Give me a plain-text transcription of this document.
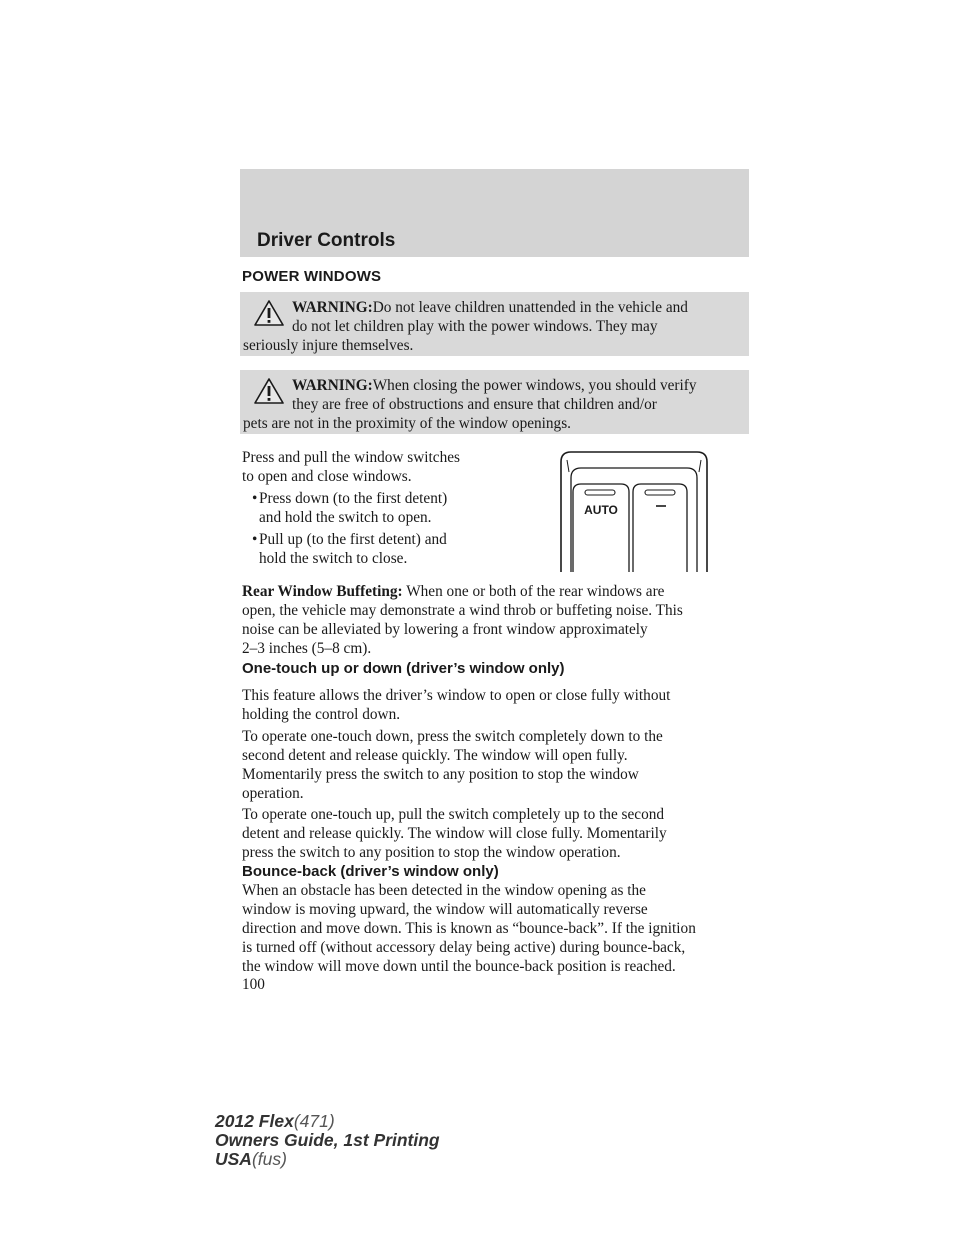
Driver Controls
POWER WINDOWS
WARNING:Do not leave children unattended in the vehicle and
do not let children play with the power windows. They may
seriously injure themselves.
WARNING:When closing the power windows, you should verify
they are free of obstructions and ensure that children and/or
pets are not in the proximity of the window openings.

Press and pull the window switches
to open and close windows.

• Press down (to the first detent)
and hold the switch to open.
• Pull up (to the first detent) and
hold the switch to close.
AUTO

Rear Window Buffeting: When one or both of the rear windows are
open, the vehicle may demonstrate a wind throb or buffeting noise. This
noise can be alleviated by lowering a front window approximately
2–3 inches (5–8 cm).

One-touch up or down (driver’s window only)

This feature allows the driver’s window to open or close fully without
holding the control down.

To operate one-touch down, press the switch completely down to the
second detent and release quickly. The window will open fully.
Momentarily press the switch to any position to stop the window
operation.

To operate one-touch up, pull the switch completely up to the second
detent and release quickly. The window will close fully. Momentarily
press the switch to any position to stop the window operation.

Bounce-back (driver’s window only)

When an obstacle has been detected in the window opening as the
window is moving upward, the window will automatically reverse
direction and move down. This is known as “bounce-back”. If the ignition
is turned off (without accessory delay being active) during bounce-back,
the window will move down until the bounce-back position is reached.

100
2012 Flex(471)
Owners Guide, 1st Printing
USA(fus)
